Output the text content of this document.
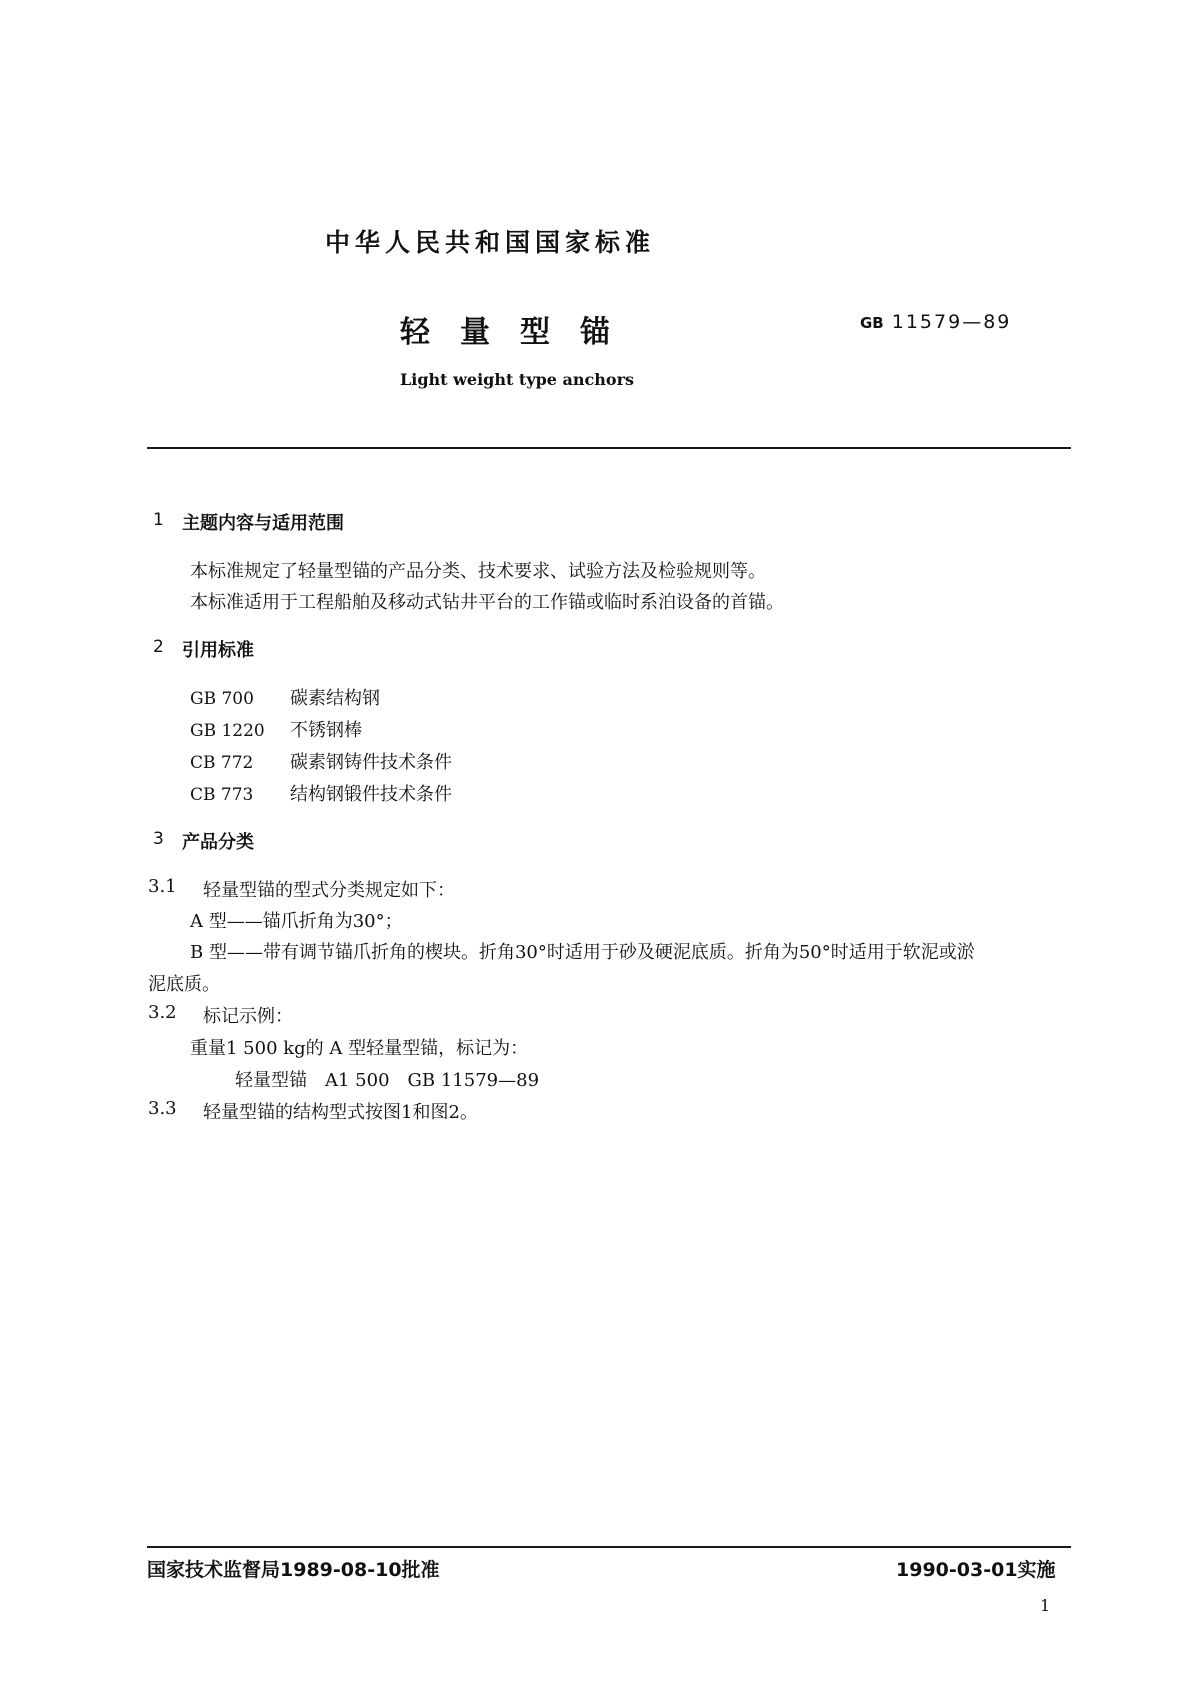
中华人民共和国国家标准
轻量型锚	GB 11579—89
Light weight type anchors
1 主题内容与适用范围
本标准规定了轻量型锚的产品分类、技术要求、试验方法及检验规则等。
本标准适用于工程船舶及移动式钻井平台的工作锚或临时系泊设备的首锚。
2 引用标准
GB 700 碳素结构钢
GB 1220 不锈钢棒
CB 772 碳素钢铸件技术条件
CB 773 结构钢锻件技术条件
3 产品分类
3.1 轻量型锚的型式分类规定如下：
A 型——锚爪折角为30°；
B 型——带有调节锚爪折角的楔块。折角30°时适用于砂及硬泥底质。折角为50°时适用于软泥或淤
泥底质。
3.2 标记示例：
重量1 500 kg的 A 型轻量型锚，标记为：
轻量型锚　A1 500　GB 11579—89
3.3 轻量型锚的结构型式按图1和图2。
国家技术监督局1989-08-10批准	1990-03-01实施
1
